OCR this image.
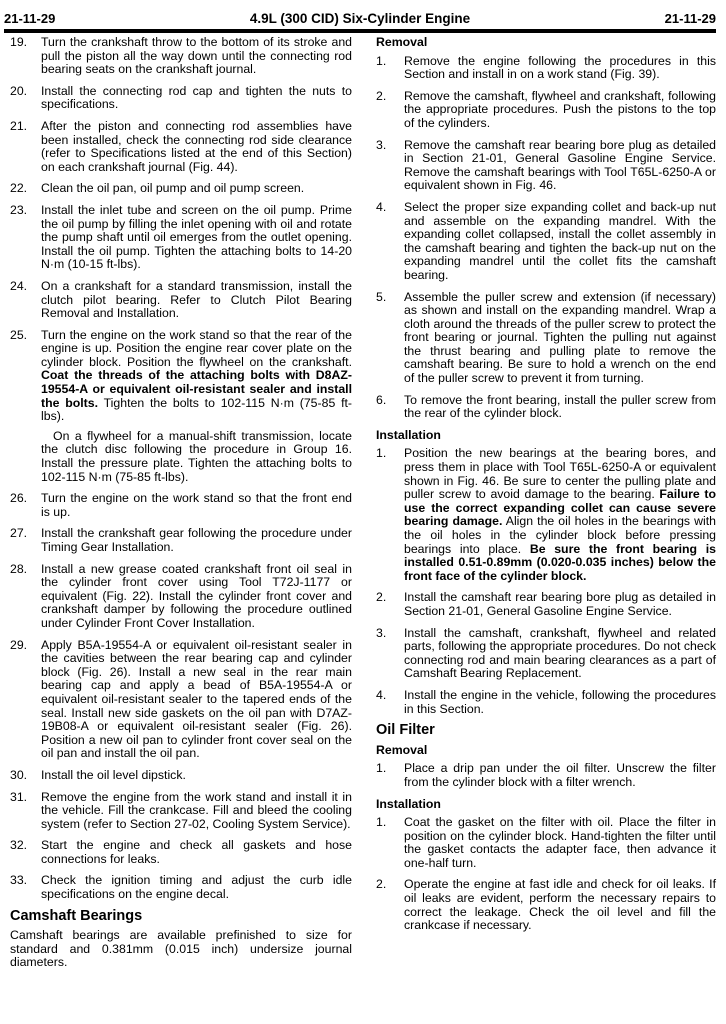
21-11-29	4.9L (300 CID) Six-Cylinder Engine	21-11-29
19.	Turn the crankshaft throw to the bottom of its stroke and pull the piston all the way down until the connecting rod bearing seats on the crankshaft journal.
20.	Install the connecting rod cap and tighten the nuts to specifications.
21.	After the piston and connecting rod assemblies have been installed, check the connecting rod side clearance (refer to Specifications listed at the end of this Section) on each crankshaft journal (Fig. 44).
22.	Clean the oil pan, oil pump and oil pump screen.
23.	Install the inlet tube and screen on the oil pump. Prime the oil pump by filling the inlet opening with oil and rotate the pump shaft until oil emerges from the outlet opening. Install the oil pump. Tighten the attaching bolts to 14-20 N·m (10-15 ft-lbs).
24.	On a crankshaft for a standard transmission, install the clutch pilot bearing. Refer to Clutch Pilot Bearing Removal and Installation.
25.	Turn the engine on the work stand so that the rear of the engine is up. Position the engine rear cover plate on the cylinder block. Position the flywheel on the crankshaft. Coat the threads of the attaching bolts with D8AZ-19554-A or equivalent oil-resistant sealer and install the bolts. Tighten the bolts to 102-115 N·m (75-85 ft-lbs).

On a flywheel for a manual-shift transmission, locate the clutch disc following the procedure in Group 16. Install the pressure plate. Tighten the attaching bolts to 102-115 N·m (75-85 ft-lbs).

26.	Turn the engine on the work stand so that the front end is up.
27.	Install the crankshaft gear following the procedure under Timing Gear Installation.
28.	Install a new grease coated crankshaft front oil seal in the cylinder front cover using Tool T72J-1177 or equivalent (Fig. 22). Install the cylinder front cover and crankshaft damper by following the procedure outlined under Cylinder Front Cover Installation.
29.	Apply B5A-19554-A or equivalent oil-resistant sealer in the cavities between the rear bearing cap and cylinder block (Fig. 26). Install a new seal in the rear main bearing cap and apply a bead of B5A-19554-A or equivalent oil-resistant sealer to the tapered ends of the seal. Install new side gaskets on the oil pan with D7AZ-19B08-A or equivalent oil-resistant sealer (Fig. 26). Position a new oil pan to cylinder front cover seal on the oil pan and install the oil pan.
30.	Install the oil level dipstick.
31.	Remove the engine from the work stand and install it in the vehicle. Fill the crankcase. Fill and bleed the cooling system (refer to Section 27-02, Cooling System Service).
32.	Start the engine and check all gaskets and hose connections for leaks.
33.	Check the ignition timing and adjust the curb idle specifications on the engine decal.
Camshaft Bearings

Camshaft bearings are available prefinished to size for standard and 0.381mm (0.015 inch) undersize journal diameters.

Removal
1.	Remove the engine following the procedures in this Section and install in on a work stand (Fig. 39).
2.	Remove the camshaft, flywheel and crankshaft, following the appropriate procedures. Push the pistons to the top of the cylinders.
3.	Remove the camshaft rear bearing bore plug as detailed in Section 21-01, General Gasoline Engine Service. Remove the camshaft bearings with Tool T65L-6250-A or equivalent shown in Fig. 46.
4.	Select the proper size expanding collet and back-up nut and assemble on the expanding mandrel. With the expanding collet collapsed, install the collet assembly in the camshaft bearing and tighten the back-up nut on the expanding mandrel until the collet fits the camshaft bearing.
5.	Assemble the puller screw and extension (if necessary) as shown and install on the expanding mandrel. Wrap a cloth around the threads of the puller screw to protect the front bearing or journal. Tighten the pulling nut against the thrust bearing and pulling plate to remove the camshaft bearing. Be sure to hold a wrench on the end of the puller screw to prevent it from turning.
6.	To remove the front bearing, install the puller screw from the rear of the cylinder block.
Installation
1.	Position the new bearings at the bearing bores, and press them in place with Tool T65L-6250-A or equivalent shown in Fig. 46. Be sure to center the pulling plate and puller screw to avoid damage to the bearing. Failure to use the correct expanding collet can cause severe bearing damage. Align the oil holes in the bearings with the oil holes in the cylinder block before pressing bearings into place. Be sure the front bearing is installed 0.51-0.89mm (0.020-0.035 inches) below the front face of the cylinder block.
2.	Install the camshaft rear bearing bore plug as detailed in Section 21-01, General Gasoline Engine Service.
3.	Install the camshaft, crankshaft, flywheel and related parts, following the appropriate procedures. Do not check connecting rod and main bearing clearances as a part of Camshaft Bearing Replacement.
4.	Install the engine in the vehicle, following the procedures in this Section.
Oil Filter
Removal
1.	Place a drip pan under the oil filter. Unscrew the filter from the cylinder block with a filter wrench.
Installation
1.	Coat the gasket on the filter with oil. Place the filter in position on the cylinder block. Hand-tighten the filter until the gasket contacts the adapter face, then advance it one-half turn.
2.	Operate the engine at fast idle and check for oil leaks. If oil leaks are evident, perform the necessary repairs to correct the leakage. Check the oil level and fill the crankcase if necessary.
